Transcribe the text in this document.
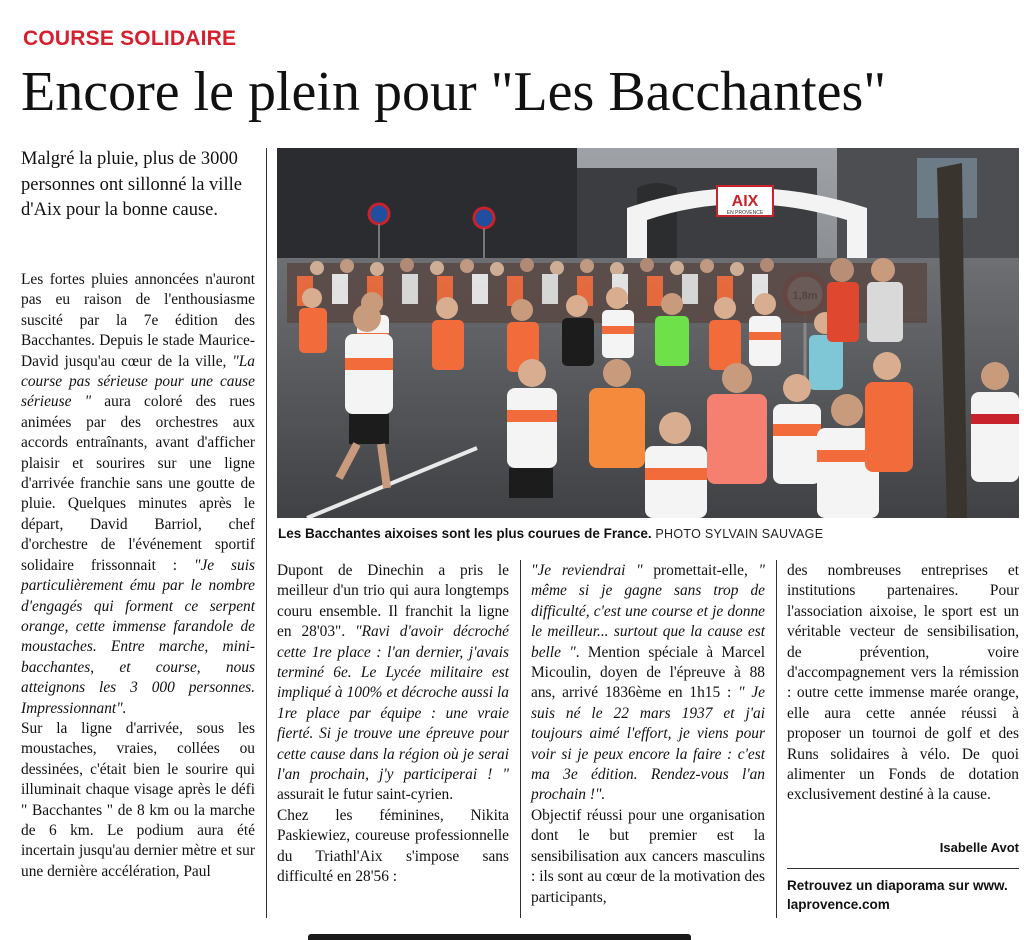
COURSE SOLIDAIRE
Encore le plein pour "Les Bacchantes"
Malgré la pluie, plus de 3000 personnes ont sillonné la ville d'Aix pour la bonne cause.

Les fortes pluies annoncées n'auront pas eu raison de l'enthousiasme suscité par la 7e édition des Bacchantes. Depuis le stade Maurice-David jusqu'au cœur de la ville, "La course pas sérieuse pour une cause sérieuse " aura coloré des rues animées par des orchestres aux accords entraînants, avant d'afficher plaisir et sourires sur une ligne d'arrivée franchie sans une goutte de pluie. Quelques minutes après le départ, David Barriol, chef d'orchestre de l'événement sportif solidaire frissonnait : "Je suis particulièrement ému par le nombre d'engagés qui forment ce serpent orange, cette immense farandole de moustaches. Entre marche, mini-bacchantes, et course, nous atteignons les 3 000 personnes. Impressionnant".

Sur la ligne d'arrivée, sous les moustaches, vraies, collées ou dessinées, c'était bien le sourire qui illuminait chaque visage après le défi " Bacchantes " de 8 km ou la marche de 6 km. Le podium aura été incertain jusqu'au dernier mètre et sur une dernière accélération, Paul

AIX
EN PROVENCE
Les Bacchantes aixoises sont les plus courues de France. PHOTO SYLVAIN SAUVAGE

Dupont de Dinechin a pris le meilleur d'un trio qui aura longtemps couru ensemble. Il franchit la ligne en 28'03". "Ravi d'avoir décroché cette 1re place : l'an dernier, j'avais terminé 6e. Le Lycée militaire est impliqué à 100% et décroche aussi la 1re place par équipe : une vraie fierté. Si je trouve une épreuve pour cette cause dans la région où je serai l'an prochain, j'y participerai ! " assurait le futur saint-cyrien.

Chez les féminines, Nikita Paskiewiez, coureuse professionnelle du Triathl'Aix s'impose sans difficulté en 28'56 :

"Je reviendrai " promettait-elle, " même si je gagne sans trop de difficulté, c'est une course et je donne le meilleur... surtout que la cause est belle ". Mention spéciale à Marcel Micoulin, doyen de l'épreuve à 88 ans, arrivé 1836ème en 1h15 : " Je suis né le 22 mars 1937 et j'ai toujours aimé l'effort, je viens pour voir si je peux encore la faire : c'est ma 3e édition. Rendez-vous l'an prochain !".

Objectif réussi pour une organisation dont le but premier est la sensibilisation aux cancers masculins : ils sont au cœur de la motivation des participants,

des nombreuses entreprises et institutions partenaires. Pour l'association aixoise, le sport est un véritable vecteur de sensibilisation, de prévention, voire d'accompagnement vers la rémission : outre cette immense marée orange, elle aura cette année réussi à proposer un tournoi de golf et des Runs solidaires à vélo. De quoi alimenter un Fonds de dotation exclusivement destiné à la cause.

Isabelle Avot
Retrouvez un diaporama sur www. laprovence.com
